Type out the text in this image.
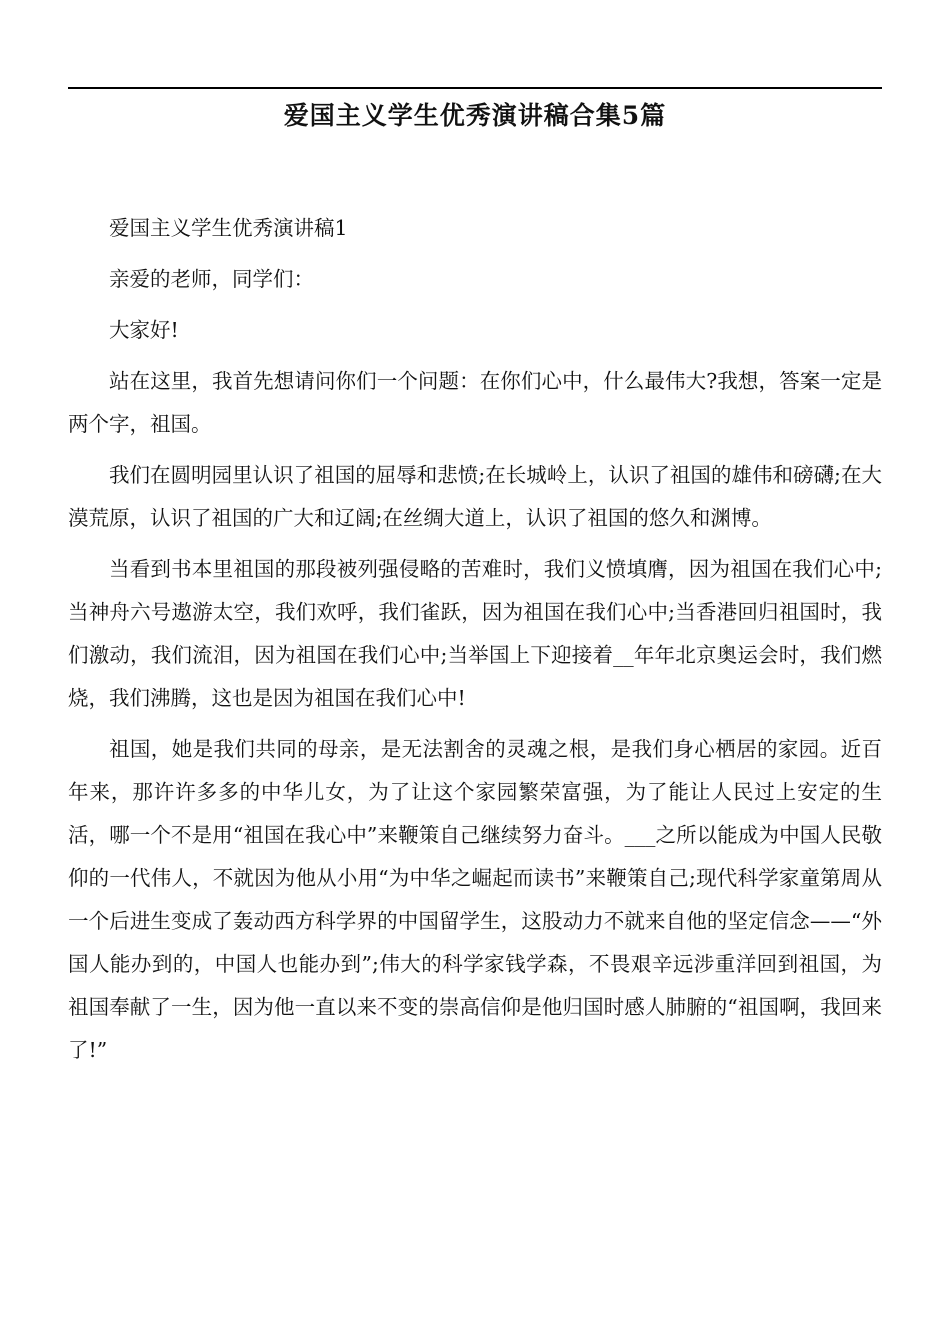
爱国主义学生优秀演讲稿合集5篇

爱国主义学生优秀演讲稿1

亲爱的老师，同学们：

大家好!

站在这里，我首先想请问你们一个问题：在你们心中，什么最伟大?我想，答案一定是两个字，祖国。

我们在圆明园里认识了祖国的屈辱和悲愤;在长城岭上，认识了祖国的雄伟和磅礴;在大漠荒原，认识了祖国的广大和辽阔;在丝绸大道上，认识了祖国的悠久和渊博。

当看到书本里祖国的那段被列强侵略的苦难时，我们义愤填膺，因为祖国在我们心中;当神舟六号遨游太空，我们欢呼，我们雀跃，因为祖国在我们心中;当香港回归祖国时，我们激动，我们流泪，因为祖国在我们心中;当举国上下迎接着__年年北京奥运会时，我们燃烧，我们沸腾，这也是因为祖国在我们心中!

祖国，她是我们共同的母亲，是无法割舍的灵魂之根，是我们身心栖居的家园。近百年来，那许许多多的中华儿女，为了让这个家园繁荣富强，为了能让人民过上安定的生活，哪一个不是用“祖国在我心中”来鞭策自己继续努力奋斗。___之所以能成为中国人民敬仰的一代伟人，不就因为他从小用“为中华之崛起而读书”来鞭策自己;现代科学家童第周从一个后进生变成了轰动西方科学界的中国留学生，这股动力不就来自他的坚定信念——“外国人能办到的，中国人也能办到”;伟大的科学家钱学森，不畏艰辛远涉重洋回到祖国，为祖国奉献了一生，因为他一直以来不变的崇高信仰是他归国时感人肺腑的“祖国啊，我回来了!”
